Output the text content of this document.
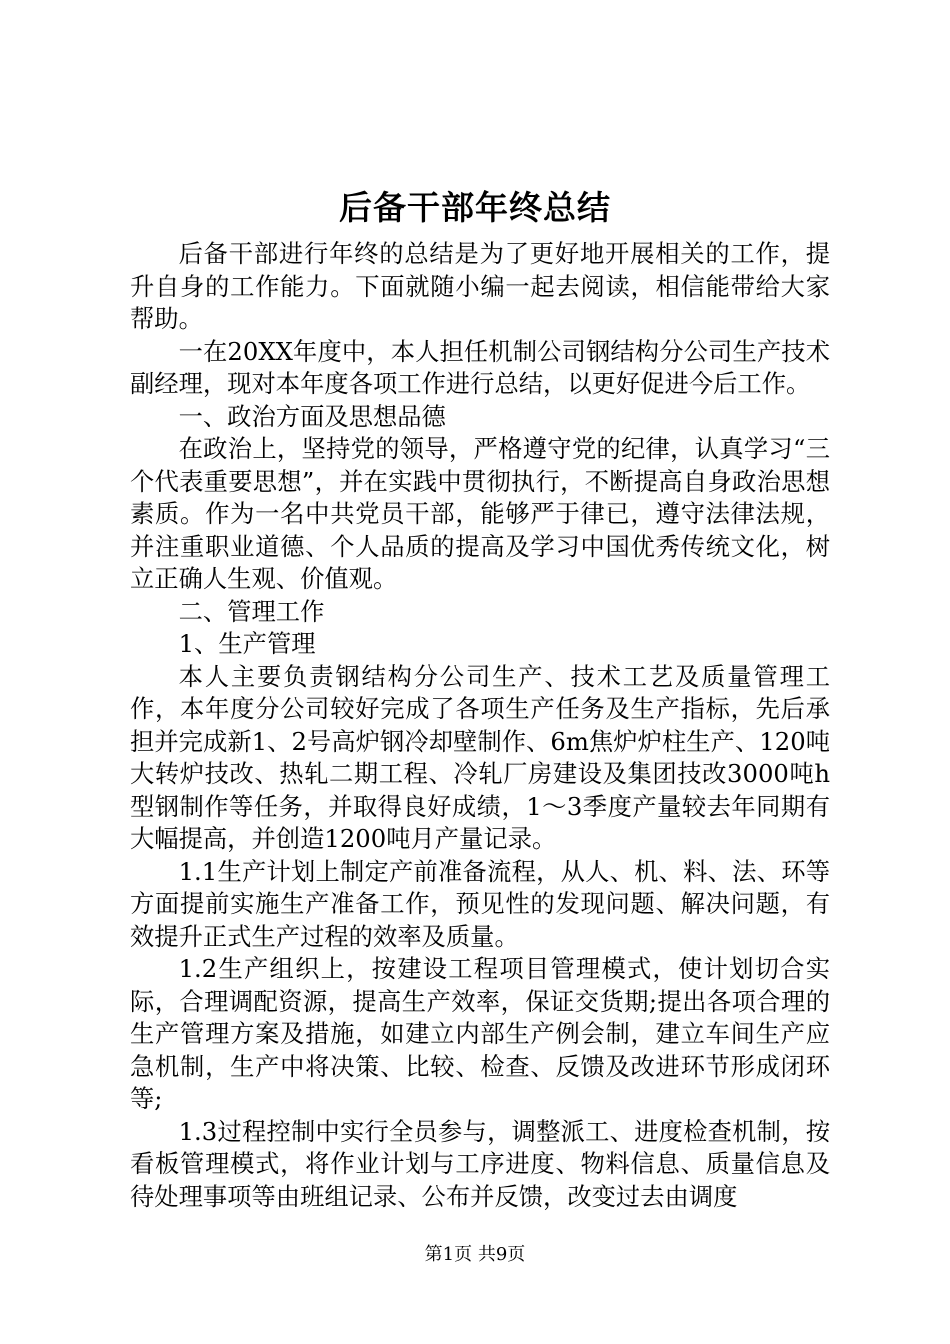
后备干部年终总结

后备干部进行年终的总结是为了更好地开展相关的工作，提升自身的工作能力。下面就随小编一起去阅读，相信能带给大家帮助。

一在20XX年度中，本人担任机制公司钢结构分公司生产技术副经理，现对本年度各项工作进行总结，以更好促进今后工作。

一、政治方面及思想品德

在政治上，坚持党的领导，严格遵守党的纪律，认真学习“三个代表重要思想”，并在实践中贯彻执行，不断提高自身政治思想素质。作为一名中共党员干部，能够严于律已，遵守法律法规，并注重职业道德、个人品质的提高及学习中国优秀传统文化，树立正确人生观、价值观。

二、管理工作

1、生产管理

本人主要负责钢结构分公司生产、技术工艺及质量管理工作，本年度分公司较好完成了各项生产任务及生产指标，先后承担并完成新1、2号高炉钢冷却壁制作、6m焦炉炉柱生产、120吨大转炉技改、热轧二期工程、冷轧厂房建设及集团技改3000吨h型钢制作等任务，并取得良好成绩，1～3季度产量较去年同期有大幅提高，并创造1200吨月产量记录。

1.1生产计划上制定产前准备流程，从人、机、料、法、环等方面提前实施生产准备工作，预见性的发现问题、解决问题，有效提升正式生产过程的效率及质量。

1.2生产组织上，按建设工程项目管理模式，使计划切合实际，合理调配资源，提高生产效率，保证交货期;提出各项合理的生产管理方案及措施，如建立内部生产例会制，建立车间生产应急机制，生产中将决策、比较、检查、反馈及改进环节形成闭环等;

1.3过程控制中实行全员参与，调整派工、进度检查机制，按看板管理模式，将作业计划与工序进度、物料信息、质量信息及待处理事项等由班组记录、公布并反馈，改变过去由调度

第1页 共9页
